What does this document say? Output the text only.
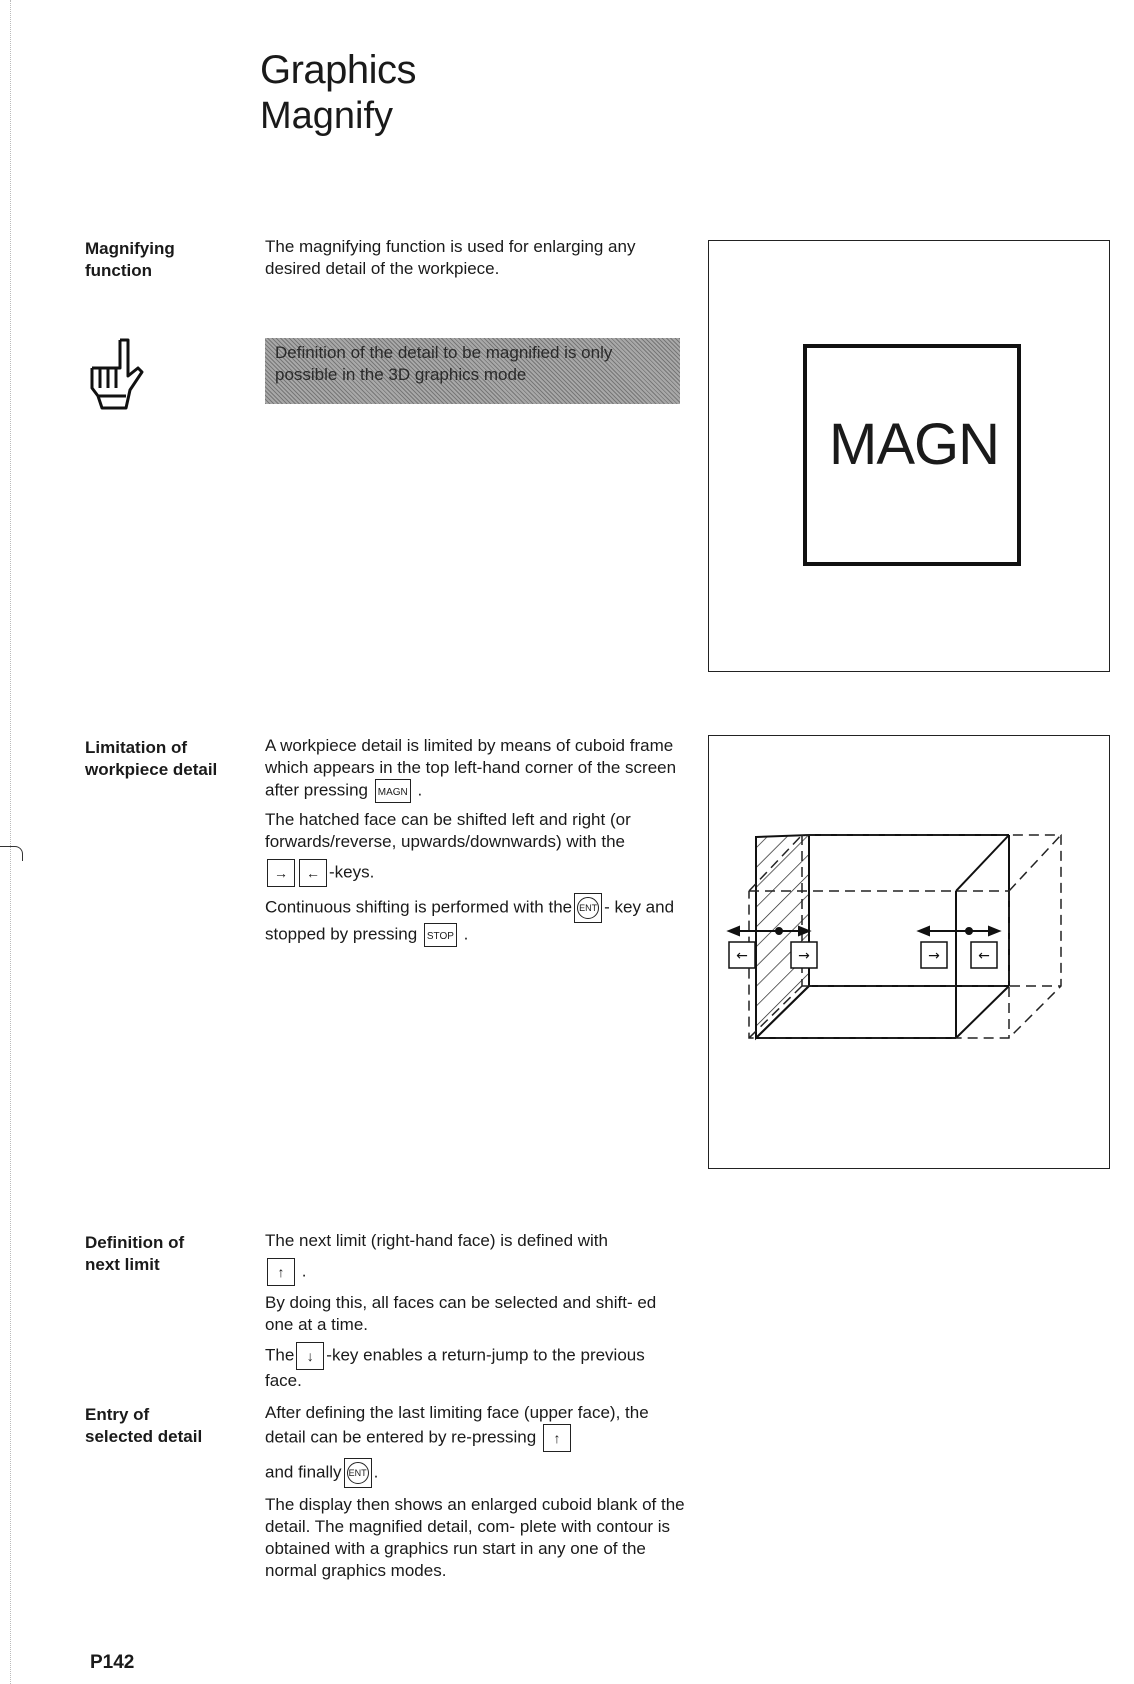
Graphics
Magnify
Magnifying
function
The magnifying function is used for enlarging any desired detail of the workpiece.
Definition of the detail to be magnified is only possible in the 3D graphics mode
MAGN
Limitation of
workpiece detail

A workpiece detail is limited by means of cuboid frame which appears in the top left-hand corner of the screen after pressing MAGN .

The hatched face can be shifted left and right (or forwards/reverse, upwards/downwards) with the

→ ← -keys.

Continuous shifting is performed with the ENT - key and stopped by pressing STOP .

←	→	→	←
Definition of
next limit

The next limit (right-hand face) is defined with

↑ .

By doing this, all faces can be selected and shift- ed one at a time.

The ↓ -key enables a return-jump to the previous face.

Entry of
selected detail

After defining the last limiting face (upper face), the detail can be entered by re-pressing ↑

and finally ENT .

The display then shows an enlarged cuboid blank of the detail. The magnified detail, com- plete with contour is obtained with a graphics run start in any one of the normal graphics modes.

P142
